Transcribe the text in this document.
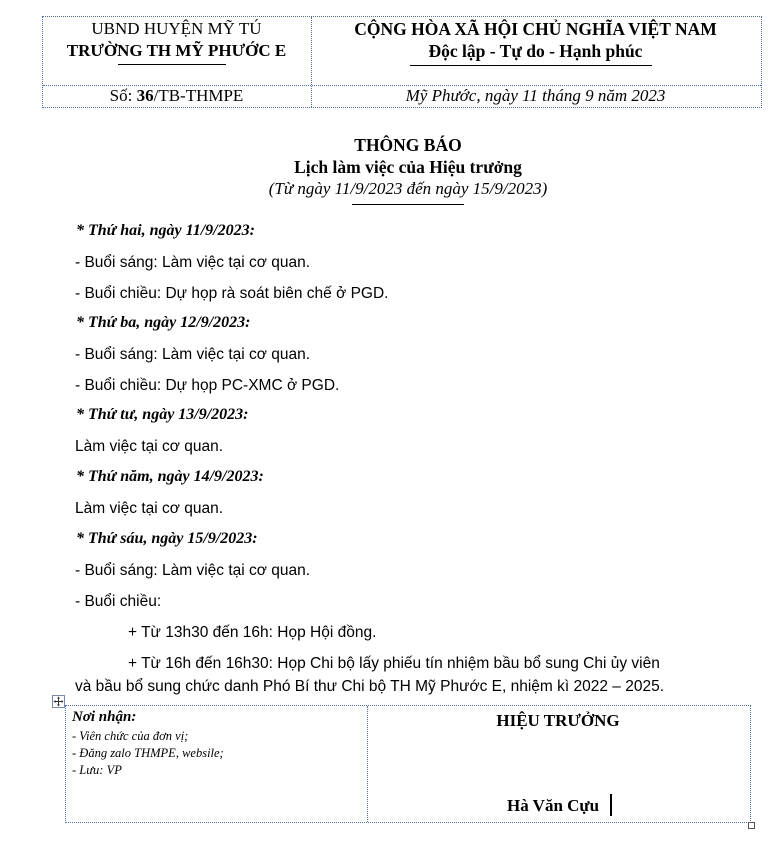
UBND HUYỆN MỸ TÚ
TRƯỜNG TH MỸ PHƯỚC E
CỘNG HÒA XÃ HỘI CHỦ NGHĨA VIỆT NAM
Độc lập - Tự do - Hạnh phúc
Số: 36/TB-THMPE	Mỹ Phước, ngày 11 tháng 9 năm 2023
THÔNG BÁO
Lịch làm việc của Hiệu trưởng
(Từ ngày 11/9/2023 đến ngày 15/9/2023)
* Thứ hai, ngày 11/9/2023:
- Buổi sáng: Làm việc tại cơ quan.
- Buổi chiều: Dự họp rà soát biên chế ở PGD.
* Thứ ba, ngày 12/9/2023:
- Buổi sáng: Làm việc tại cơ quan.
- Buổi chiều: Dự họp PC-XMC ở PGD.
* Thứ tư, ngày 13/9/2023:
Làm việc tại cơ quan.
* Thứ năm, ngày 14/9/2023:
Làm việc tại cơ quan.
* Thứ sáu, ngày 15/9/2023:
- Buổi sáng: Làm việc tại cơ quan.
- Buổi chiều:
+ Từ 13h30 đến 16h: Họp Hội đồng.
+ Từ 16h đến 16h30: Họp Chi bộ lấy phiếu tín nhiệm bầu bổ sung Chi ủy viên
và bầu bổ sung chức danh Phó Bí thư Chi bộ TH Mỹ Phước E, nhiệm kì 2022 – 2025.
Nơi nhận:
- Viên chức của đơn vị;
- Đăng zalo THMPE, websile;
- Lưu: VP
HIỆU TRƯỞNG
Hà Văn Cựu
